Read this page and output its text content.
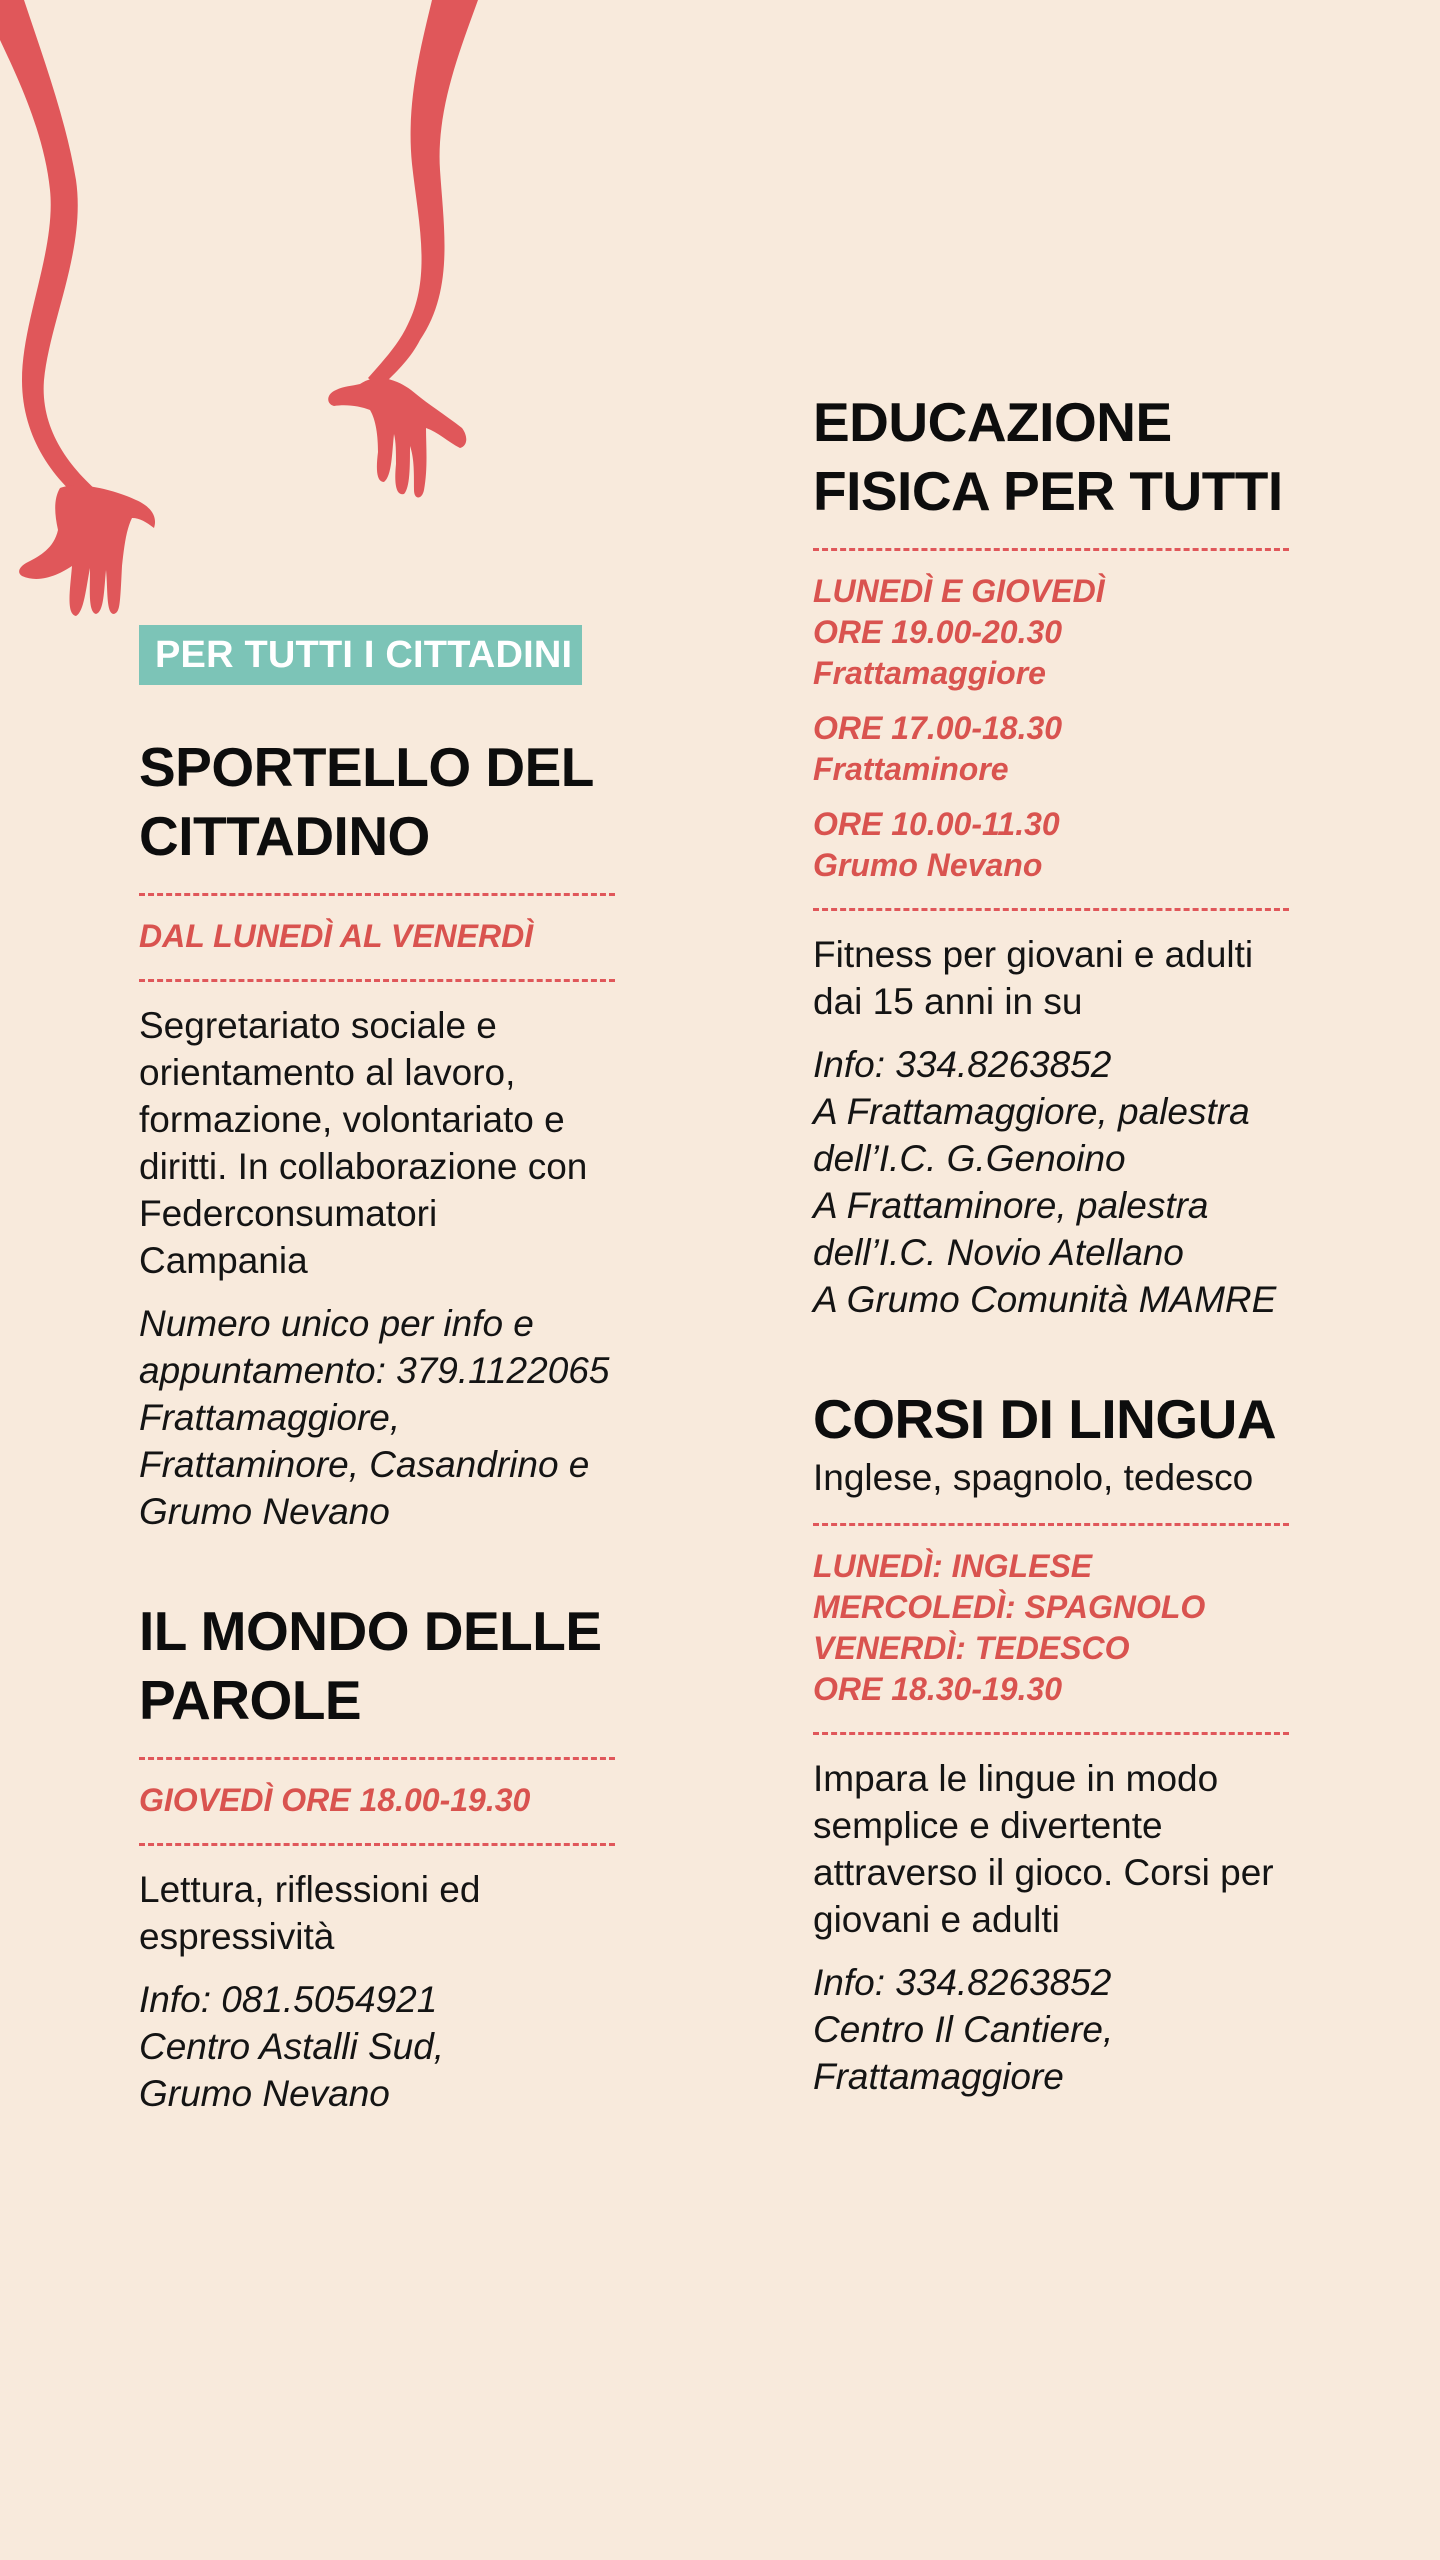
PER TUTTI I CITTADINI
SPORTELLO DEL
CITTADINO

DAL LUNEDÌ AL VENERDÌ

Segretariato sociale e
orientamento al lavoro,
formazione, volontariato e
diritti. In collaborazione con
Federconsumatori
Campania

Numero unico per info e
appuntamento: 379.1122065
Frattamaggiore,
Frattaminore, Casandrino e
Grumo Nevano

IL MONDO DELLE
PAROLE

GIOVEDÌ ORE 18.00-19.30

Lettura, riflessioni ed
espressività

Info: 081.5054921
Centro Astalli Sud,
Grumo Nevano

EDUCAZIONE
FISICA PER TUTTI

LUNEDÌ E GIOVEDÌ

ORE 19.00-20.30

Frattamaggiore

ORE 17.00-18.30

Frattaminore

ORE 10.00-11.30

Grumo Nevano

Fitness per giovani e adulti
dai 15 anni in su

Info: 334.8263852
A Frattamaggiore, palestra
dell’I.C. G.Genoino
A Frattaminore, palestra
dell’I.C. Novio Atellano
A Grumo Comunità MAMRE

CORSI DI LINGUA

Inglese, spagnolo, tedesco

LUNEDÌ: INGLESE

MERCOLEDÌ: SPAGNOLO

VENERDÌ: TEDESCO

ORE 18.30-19.30

Impara le lingue in modo
semplice e divertente
attraverso il gioco. Corsi per
giovani e adulti

Info: 334.8263852
Centro Il Cantiere,
Frattamaggiore
